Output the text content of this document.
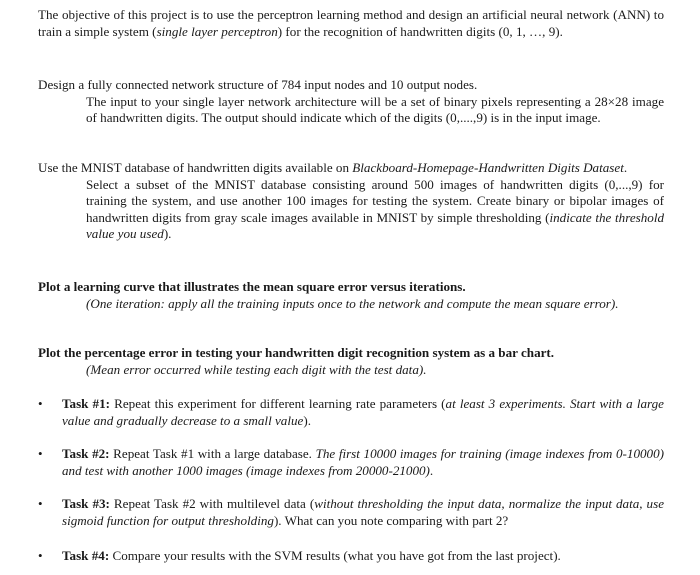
The objective of this project is to use the perceptron learning method and design an artificial neural network (ANN) to train a simple system (single layer perceptron) for the recognition of handwritten digits (0, 1, …, 9).

Design a fully connected network structure of 784 input nodes and 10 output nodes.

The input to your single layer network architecture will be a set of binary pixels representing a 28×28 image of handwritten digits. The output should indicate which of the digits (0,....,9) is in the input image.

Use the MNIST database of handwritten digits available on Blackboard-Homepage-Handwritten Digits Dataset.

Select a subset of the MNIST database consisting around 500 images of handwritten digits (0,...,9) for training the system, and use another 100 images for testing the system. Create binary or bipolar images of handwritten digits from gray scale images available in MNIST by simple thresholding (indicate the threshold value you used).

Plot a learning curve that illustrates the mean square error versus iterations.

(One iteration: apply all the training inputs once to the network and compute the mean square error).

Plot the percentage error in testing your handwritten digit recognition system as a bar chart.

(Mean error occurred while testing each digit with the test data).

•	Task #1: Repeat this experiment for different learning rate parameters (at least 3 experiments. Start with a large value and gradually decrease to a small value).

•	Task #2: Repeat Task #1 with a large database. The first 10000 images for training (image indexes from 0-10000) and test with another 1000 images (image indexes from 20000-21000).

•	Task #3: Repeat Task #2 with multilevel data (without thresholding the input data, normalize the input data, use sigmoid function for output thresholding). What can you note comparing with part 2?

•	Task #4: Compare your results with the SVM results (what you have got from the last project).
